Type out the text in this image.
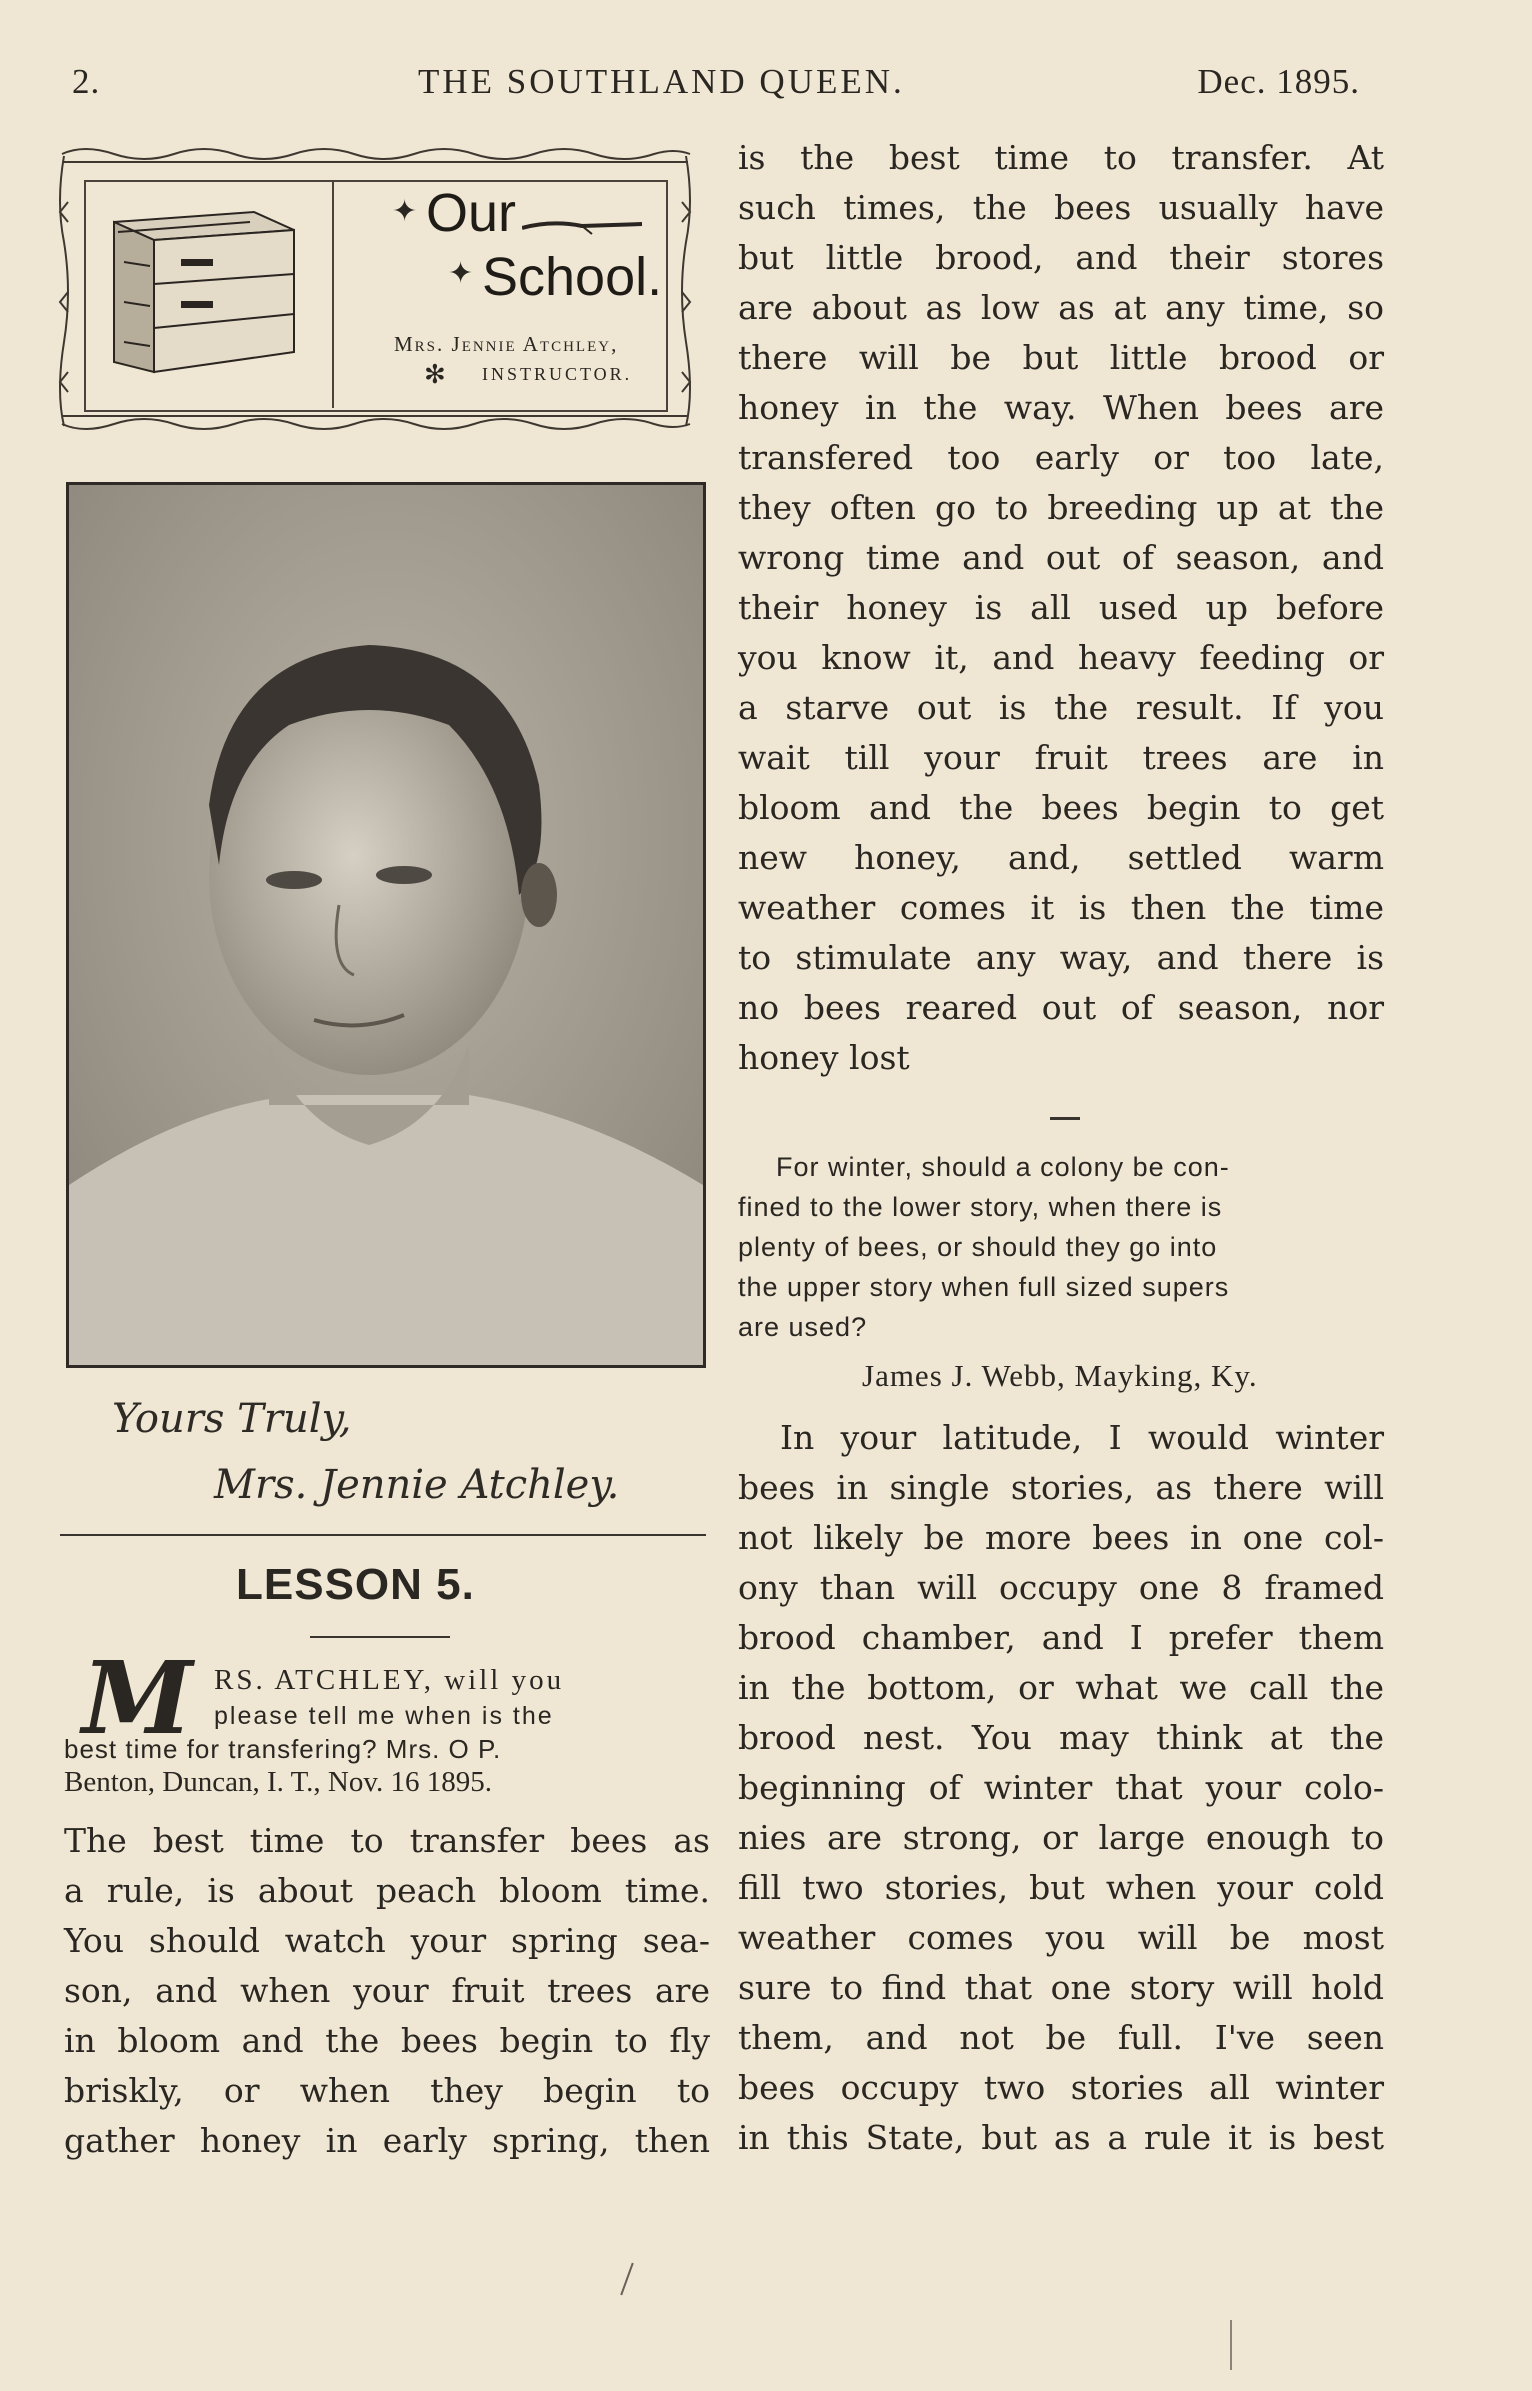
2.	THE SOUTHLAND QUEEN.	Dec. 1895.
✦ Our
✦ School.
Mrs. Jennie Atchley,
✻ INSTRUCTOR.
Yours Truly,
Mrs. Jennie Atchley.
LESSON 5.
M RS. ATCHLEY, will you
please tell me when is the
best time for transfering? Mrs. O P.
Benton, Duncan, I. T., Nov. 16 1895.
The best time to transfer bees as
a rule, is about peach bloom time.
You should watch your spring sea-
son, and when your fruit trees are
in bloom and the bees begin to fly
briskly, or when they begin to
gather honey in early spring, then
is the best time to transfer. At
such times, the bees usually have
but little brood, and their stores
are about as low as at any time, so
there will be but little brood or
honey in the way. When bees are
transfered too early or too late,
they often go to breeding up at the
wrong time and out of season, and
their honey is all used up before
you know it, and heavy feeding or
a starve out is the result. If you
wait till your fruit trees are in
bloom and the bees begin to get
new honey, and, settled warm
weather comes it is then the time
to stimulate any way, and there is
no bees reared out of season, nor
honey lost
For winter, should a colony be con-
fined to the lower story, when there is
plenty of bees, or should they go into
the upper story when full sized supers
are used?
James J. Webb, Mayking, Ky.
In your latitude, I would winter
bees in single stories, as there will
not likely be more bees in one col-
ony than will occupy one 8 framed
brood chamber, and I prefer them
in the bottom, or what we call the
brood nest. You may think at the
beginning of winter that your colo-
nies are strong, or large enough to
fill two stories, but when your cold
weather comes you will be most
sure to find that one story will hold
them, and not be full. I've seen
bees occupy two stories all winter
in this State, but as a rule it is best
